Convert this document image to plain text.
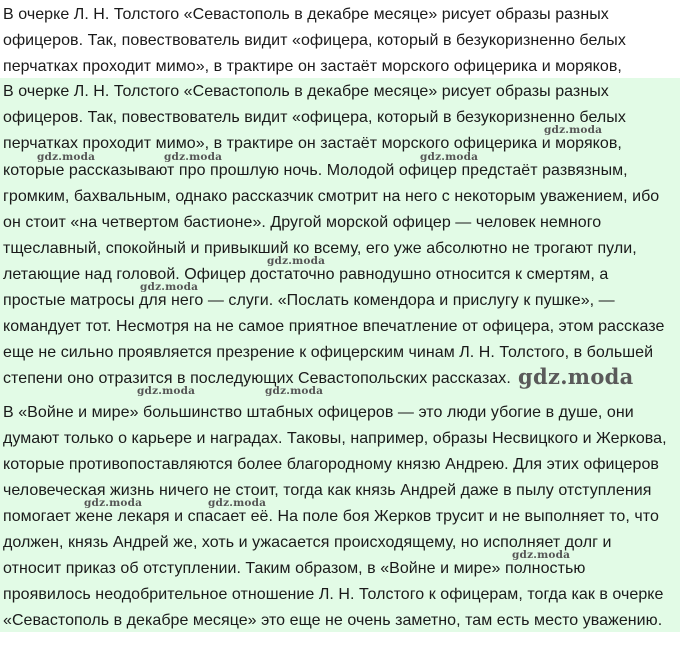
В очерке Л. Н. Толстого «Севастополь в декабре месяце» рисует образы разных
офицеров. Так, повествователь видит «офицера, который в безукоризненно белых
перчатках проходит мимо», в трактире он застаёт морского офицерика и моряков,
В очерке Л. Н. Толстого «Севастополь в декабре месяце» рисует образы разных
офицеров. Так, повествователь видит «офицера, который в безукоризненно белых
перчатках проходит мимо», в трактире он застаёт морского офицерика и моряков,
которые рассказывают про прошлую ночь. Молодой офицер предстаёт развязным,
громким, бахвальным, однако рассказчик смотрит на него с некоторым уважением, ибо
он стоит «на четвертом бастионе». Другой морской офицер — человек немного
тщеславный, спокойный и привыкший ко всему, его уже абсолютно не трогают пули,
летающие над головой. Офицер достаточно равнодушно относится к смертям, а
простые матросы для него — слуги. «Послать комендора и прислугу к пушке», —
командует тот. Несмотря на не самое приятное впечатление от офицера, этом рассказе
еще не сильно проявляется презрение к офицерским чинам Л. Н. Толстого, в большей
степени оно отразится в последующих Севастопольских рассказах.
В «Войне и мире» большинство штабных офицеров — это люди убогие в душе, они
думают только о карьере и наградах. Таковы, например, образы Несвицкого и Жеркова,
которые противопоставляются более благородному князю Андрею. Для этих офицеров
человеческая жизнь ничего не стоит, тогда как князь Андрей даже в пылу отступления
помогает жене лекаря и спасает её. На поле боя Жерков трусит и не выполняет то, что
должен, князь Андрей же, хоть и ужасается происходящему, но исполняет долг и
относит приказ об отступлении. Таким образом, в «Войне и мире» полностью
проявилось неодобрительное отношение Л. Н. Толстого к офицерам, тогда как в очерке
«Севастополь в декабре месяце» это еще не очень заметно, там есть место уважению.
gdz.moda
gdz.moda	gdz.moda	gdz.moda
gdz.moda
gdz.moda
gdz.moda	gdz.moda
gdz.moda	gdz.moda
gdz.moda
gdz.moda
